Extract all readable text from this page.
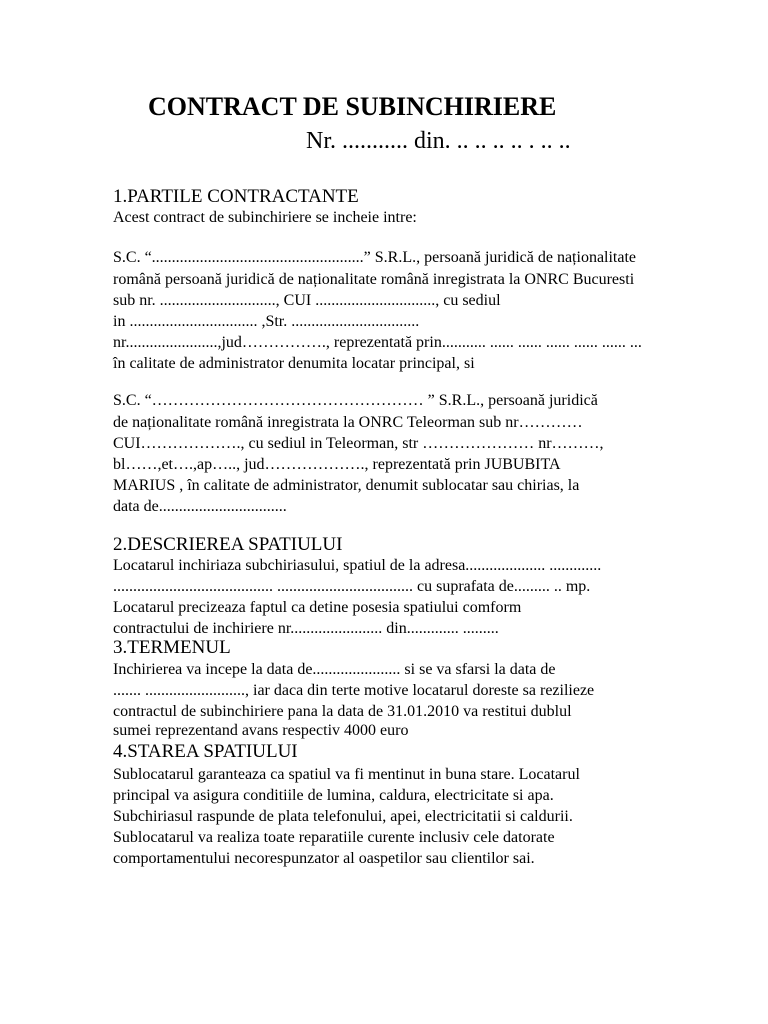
CONTRACT DE SUBINCHIRIERE
Nr. ........... din. .. .. .. .. . .. ..
1.PARTILE CONTRACTANTE
Acest contract de subinchiriere se incheie intre:
S.C. “.....................................................” S.R.L., persoană juridică de naționalitate
română persoană juridică de naționalitate română inregistrata la ONRC Bucuresti
sub nr. ............................., CUI .............................., cu sediul
in ................................ ,Str. ................................
nr.......................,jud……………., reprezentată prin........... ...... ...... ...... ...... ...... ...
în calitate de administrator denumita locatar principal, si
S.C. “…………………………………………… ” S.R.L., persoană juridică
de naționalitate română inregistrata la ONRC Teleorman sub nr…………
CUI………………., cu sediul in Teleorman, str ………………… nr………,
bl……,et….,ap….., jud………………., reprezentată prin JUBUBITA
MARIUS , în calitate de administrator, denumit sublocatar sau chirias, la
data de................................
2.DESCRIEREA SPATIULUI
Locatarul inchiriaza subchiriasului, spatiul de la adresa.................... .............
........................................ .................................. cu suprafata de......... .. mp.
Locatarul precizeaza faptul ca detine posesia spatiului comform
contractului de inchiriere nr....................... din............. .........
3.TERMENUL
Inchirierea va incepe la data de...................... si se va sfarsi la data de
....... ........................., iar daca din terte motive locatarul doreste sa rezilieze
contractul de subinchiriere pana la data de 31.01.2010 va restitui dublul
sumei reprezentand avans respectiv 4000 euro
4.STAREA SPATIULUI
Sublocatarul garanteaza ca spatiul va fi mentinut in buna stare. Locatarul
principal va asigura conditiile de lumina, caldura, electricitate si apa.
Subchiriasul raspunde de plata telefonului, apei, electricitatii si caldurii.
Sublocatarul va realiza toate reparatiile curente inclusiv cele datorate
comportamentului necorespunzator al oaspetilor sau clientilor sai.
